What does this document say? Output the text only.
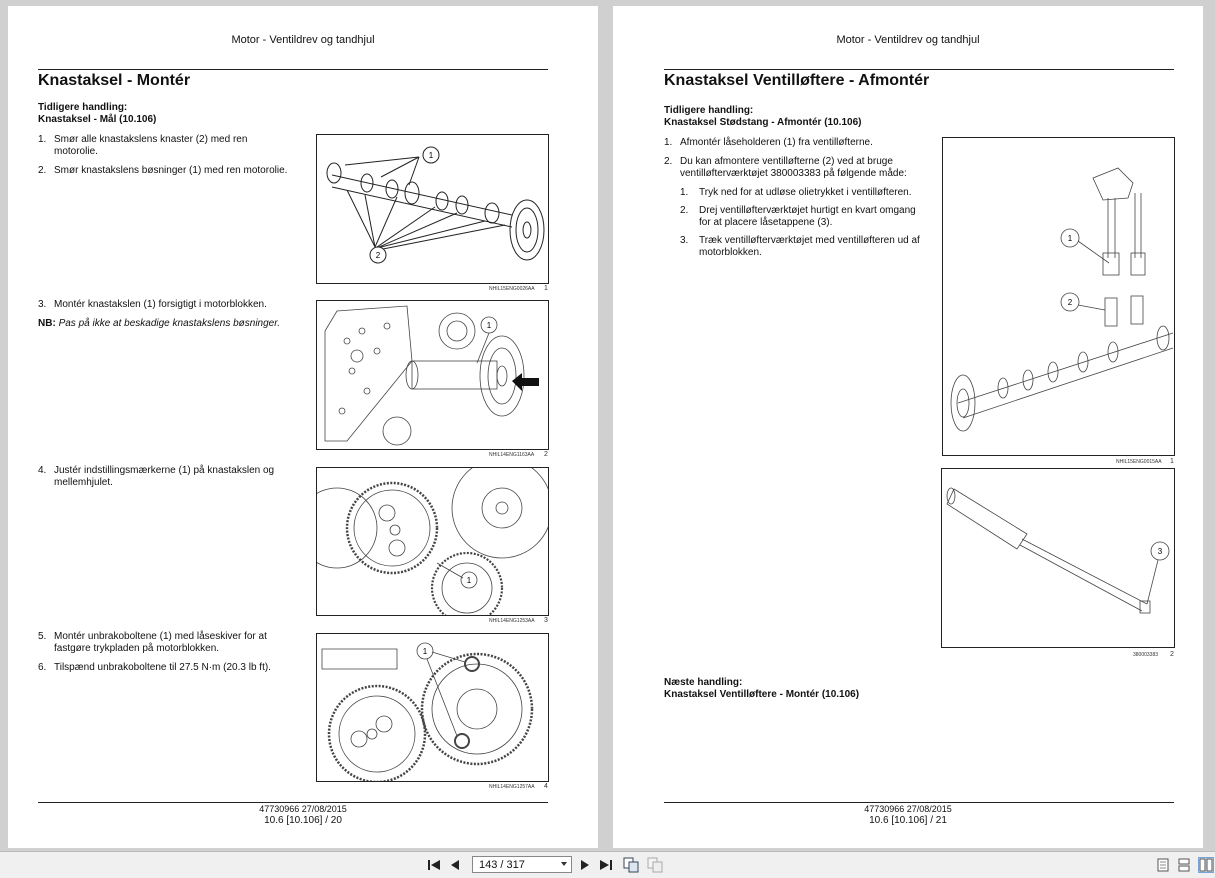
Motor - Ventildrev og tandhjul
Knastaksel - Montér
Tidligere handling:
Knastaksel - Mål (10.106)
1. Smør alle knastakslens knaster (2) med ren motorolie.
2. Smør knastakslens bøsninger (1) med ren motorolie.
3. Montér knastakslen (1) forsigtigt i motorblokken.
NB: Pas på ikke at beskadige knastakslens bøsninger.
4. Justér indstillingsmærkerne (1) på knastakslen og mellemhjulet.
5. Montér unbrakoboltene (1) med låseskiver for at fastgøre trykpladen på motorblokken.
6. Tilspænd unbrakoboltene til 27.5 N·m (20.3 lb ft).
1
2
NHIL15ENG0026AA 1
1
NHIL14ENG1163AA 2
1
NHIL14ENG1253AA 3
1
NHIL14ENG1257AA 4
47730966 27/08/2015
10.6 [10.106] / 20
Motor - Ventildrev og tandhjul
Knastaksel Ventilløftere - Afmontér
Tidligere handling:
Knastaksel Stødstang - Afmontér (10.106)
1. Afmontér låseholderen (1) fra ventilløfterne.
2. Du kan afmontere ventilløfterne (2) ved at bruge ventilløfterværktøjet 380003383 på følgende måde:
1.	Tryk ned for at udløse olietrykket i ventilløfteren.
2.	Drej ventilløfterværktøjet hurtigt en kvart omgang for at placere låsetappene (3).
3.	Træk ventilløfterværktøjet med ventilløfteren ud af motorblokken.
1
2
NHIL15ENG0015AA 1
3
380003383 2
Næste handling:
Knastaksel Ventilløftere - Montér (10.106)
47730966 27/08/2015
10.6 [10.106] / 21
143 / 317
